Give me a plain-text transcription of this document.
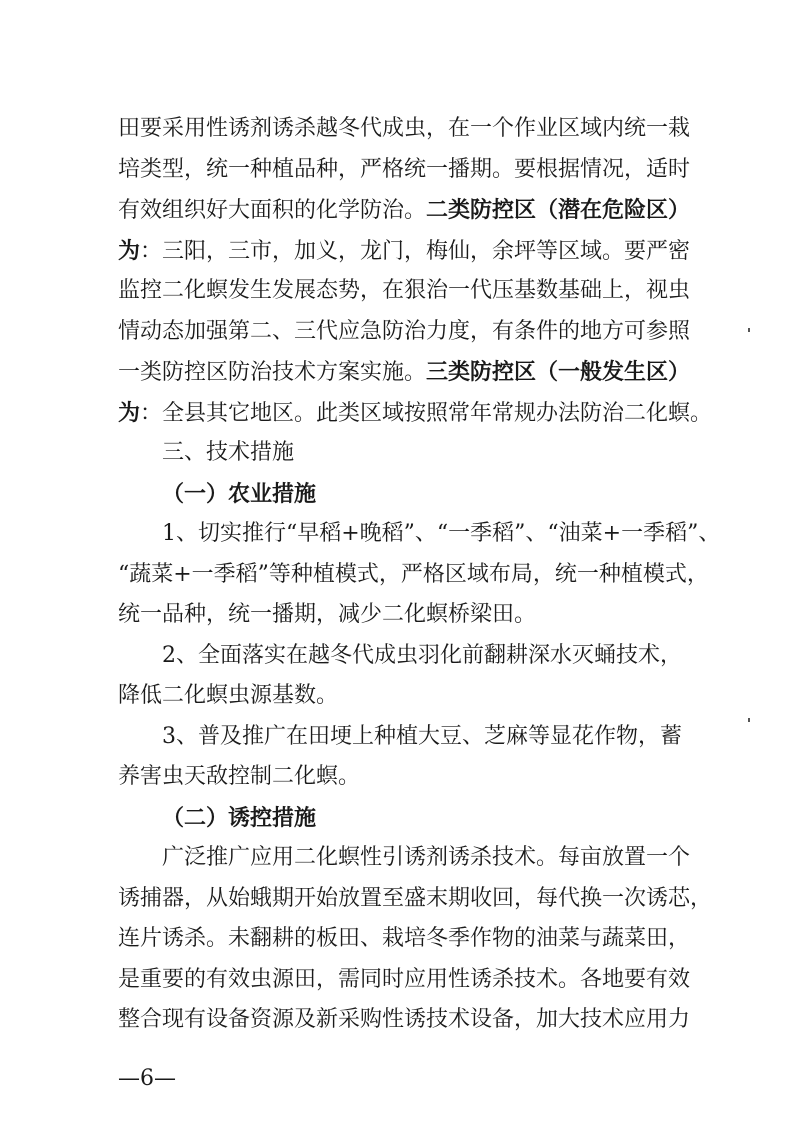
田要采用性诱剂诱杀越冬代成虫，在一个作业区域内统一栽
培类型，统一种植品种，严格统一播期。要根据情况，适时
有效组织好大面积的化学防治。二类防控区（潜在危险区）
为：三阳，三市，加义，龙门，梅仙，余坪等区域。要严密
监控二化螟发生发展态势，在狠治一代压基数基础上，视虫
情动态加强第二、三代应急防治力度，有条件的地方可参照
一类防控区防治技术方案实施。三类防控区（一般发生区）
为：全县其它地区。此类区域按照常年常规办法防治二化螟。
三、技术措施
（一）农业措施
1、切实推行“早稻+晚稻”、“一季稻”、“油菜+一季稻”、
“蔬菜+一季稻”等种植模式，严格区域布局，统一种植模式，
统一品种，统一播期，减少二化螟桥梁田。
2、全面落实在越冬代成虫羽化前翻耕深水灭蛹技术，
降低二化螟虫源基数。
3、普及推广在田埂上种植大豆、芝麻等显花作物，蓄
养害虫天敌控制二化螟。
（二）诱控措施
广泛推广应用二化螟性引诱剂诱杀技术。每亩放置一个
诱捕器，从始蛾期开始放置至盛末期收回，每代换一次诱芯，
连片诱杀。未翻耕的板田、栽培冬季作物的油菜与蔬菜田，
是重要的有效虫源田，需同时应用性诱杀技术。各地要有效
整合现有设备资源及新采购性诱技术设备，加大技术应用力
—6—
